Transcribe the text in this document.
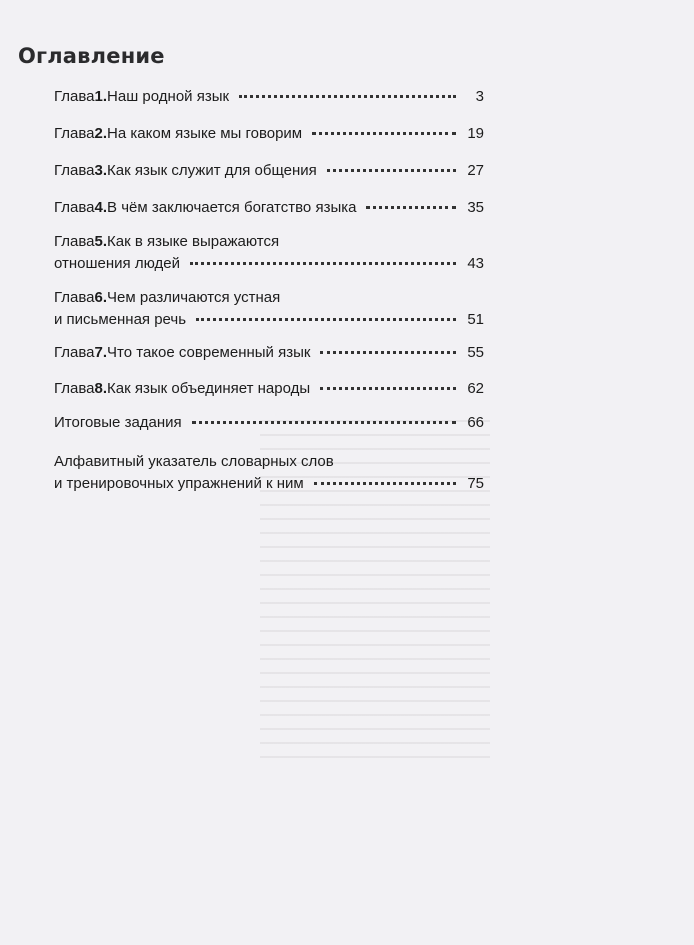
Оглавление
Глава 1. Наш родной язык	3
Глава 2. На каком языке мы говорим	19
Глава 3. Как язык служит для общения	27
Глава 4. В чём заключается богатство языка	35
Глава 5. Как в языке выражаются
отношения людей	43
Глава 6. Чем различаются устная
и письменная речь	51
Глава 7. Что такое современный язык	55
Глава 8. Как язык объединяет народы	62
Итоговые задания	66
Алфавитный указатель словарных слов
и тренировочных упражнений к ним	75
